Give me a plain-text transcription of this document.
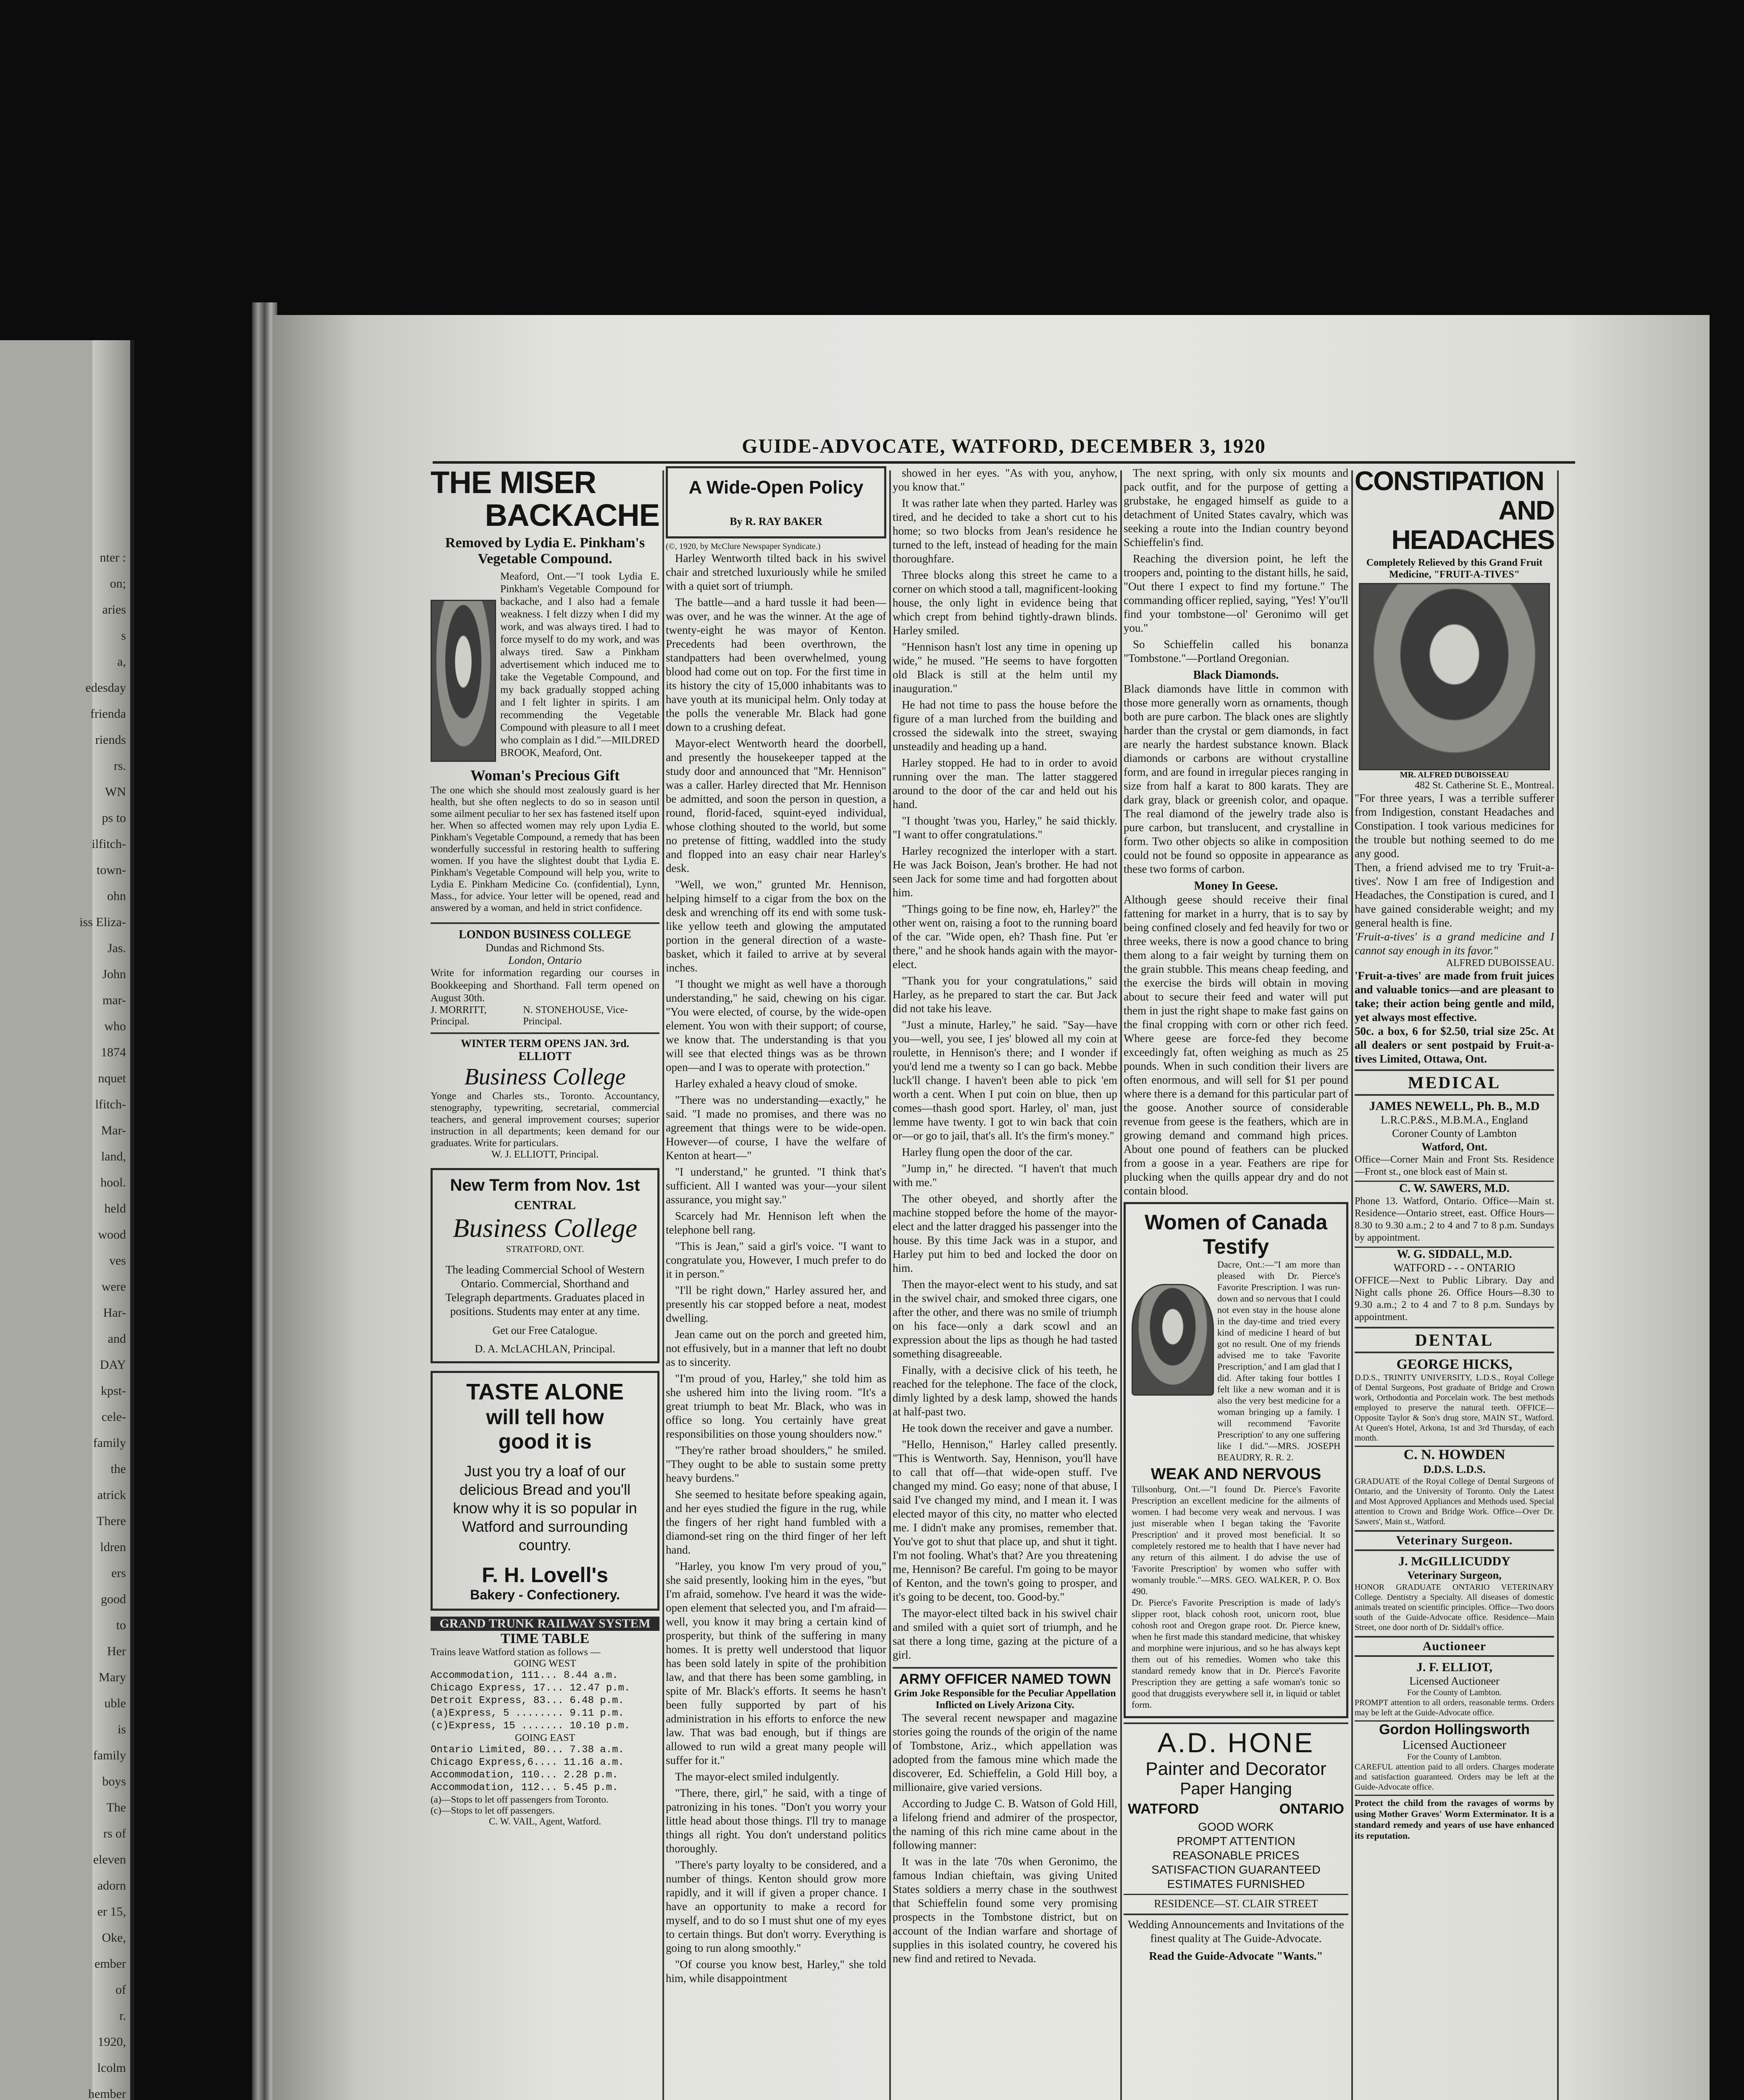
nter :
on;
aries
s
a,
edesday
frienda
riends
rs.
WN
ps to
ilfitch-
town-
ohn
iss Eliza-
Jas.
John
mar-
who
1874
nquet
lfitch-
Mar-
land,
hool.
held
wood
ves
were
Har-
and
DAY
kpst-
cele-
family
the
atrick
There
ldren
ers
good
to
Her
Mary
uble
is
family
boys
The
rs of
eleven
adorn
er 15,
Oke,
ember
of
r.
1920,
lcolm
hember
GUIDE-ADVOCATE, WATFORD, DECEMBER 3, 1920
THE MISER
BACKACHE
Removed by Lydia E. Pinkham's Vegetable Compound.
Meaford, Ont.—"I took Lydia E. Pinkham's Vegetable Compound for backache, and I also had a female weakness. I felt dizzy when I did my work, and was always tired. I had to force myself to do my work, and was always tired. Saw a Pinkham advertisement which induced me to take the Vegetable Compound, and my back gradually stopped aching and I felt lighter in spirits. I am recommending the Vegetable Compound with pleasure to all I meet who complain as I did."—MILDRED BROOK, Meaford, Ont.
Woman's Precious Gift
The one which she should most zealously guard is her health, but she often neglects to do so in season until some ailment peculiar to her sex has fastened itself upon her. When so affected women may rely upon Lydia E. Pinkham's Vegetable Compound, a remedy that has been wonderfully successful in restoring health to suffering women. If you have the slightest doubt that Lydia E. Pinkham's Vegetable Compound will help you, write to Lydia E. Pinkham Medicine Co. (confidential), Lynn, Mass., for advice. Your letter will be opened, read and answered by a woman, and held in strict confidence.
LONDON BUSINESS COLLEGE
Dundas and Richmond Sts.
London, Ontario
Write for information regarding our courses in Bookkeeping and Shorthand. Fall term opened on August 30th.
J. MORRITT, Principal.
N. STONEHOUSE, Vice-Principal.
WINTER TERM OPENS JAN. 3rd.
ELLIOTT
Business College
Yonge and Charles sts., Toronto. Accountancy, stenography, typewriting, secretarial, commercial teachers, and general improvement courses; superior instruction in all departments; keen demand for our graduates. Write for particulars.
W. J. ELLIOTT, Principal.
New Term from Nov. 1st
CENTRAL
Business College
STRATFORD, ONT.
The leading Commercial School of Western Ontario. Commercial, Shorthand and Telegraph departments. Graduates placed in positions. Students may enter at any time.
Get our Free Catalogue.
D. A. McLACHLAN, Principal.
TASTE ALONE
will tell how
good it is
Just you try a loaf of our delicious Bread and you'll know why it is so popular in Watford and surrounding country.
F. H. Lovell's
Bakery - Confectionery.
GRAND TRUNK RAILWAY SYSTEM
TIME TABLE
Trains leave Watford station as follows —
GOING WEST
Accommodation, 111... 8.44 a.m.
Chicago Express, 17... 12.47 p.m.
Detroit Express, 83... 6.48 p.m.
(a)Express, 5 ........ 9.11 p.m.
(c)Express, 15 ....... 10.10 p.m.
GOING EAST
Ontario Limited, 80... 7.38 a.m.
Chicago Express,6.... 11.16 a.m.
Accommodation, 110... 2.28 p.m.
Accommodation, 112... 5.45 p.m.
(a)—Stops to let off passengers from Toronto.
(c)—Stops to let off passengers.
C. W. VAIL, Agent, Watford.
A Wide-Open Policy
By R. RAY BAKER
(©, 1920, by McClure Newspaper Syndicate.)

Harley Wentworth tilted back in his swivel chair and stretched luxuriously while he smiled with a quiet sort of triumph.

The battle—and a hard tussle it had been—was over, and he was the winner. At the age of twenty-eight he was mayor of Kenton. Precedents had been overthrown, the standpatters had been overwhelmed, young blood had come out on top. For the first time in its history the city of 15,000 inhabitants was to have youth at its municipal helm. Only today at the polls the venerable Mr. Black had gone down to a crushing defeat.

Mayor-elect Wentworth heard the doorbell, and presently the housekeeper tapped at the study door and announced that "Mr. Hennison" was a caller. Harley directed that Mr. Hennison be admitted, and soon the person in question, a round, florid-faced, squint-eyed individual, whose clothing shouted to the world, but some no pretense of fitting, waddled into the study and flopped into an easy chair near Harley's desk.

"Well, we won," grunted Mr. Hennison, helping himself to a cigar from the box on the desk and wrenching off its end with some tusk-like yellow teeth and glowing the amputated portion in the general direction of a waste-basket, which it failed to arrive at by several inches.

"I thought we might as well have a thorough understanding," he said, chewing on his cigar. "You were elected, of course, by the wide-open element. You won with their support; of course, we know that. The understanding is that you will see that elected things was as be thrown open—and I was to operate with protection."

Harley exhaled a heavy cloud of smoke.

"There was no understanding—exactly," he said. "I made no promises, and there was no agreement that things were to be wide-open. However—of course, I have the welfare of Kenton at heart—"

"I understand," he grunted. "I think that's sufficient. All I wanted was your—your silent assurance, you might say."

Scarcely had Mr. Hennison left when the telephone bell rang.

"This is Jean," said a girl's voice. "I want to congratulate you, However, I much prefer to do it in person."

"I'll be right down," Harley assured her, and presently his car stopped before a neat, modest dwelling.

Jean came out on the porch and greeted him, not effusively, but in a manner that left no doubt as to sincerity.

"I'm proud of you, Harley," she told him as she ushered him into the living room. "It's a great triumph to beat Mr. Black, who was in office so long. You certainly have great responsibilities on those young shoulders now."

"They're rather broad shoulders," he smiled. "They ought to be able to sustain some pretty heavy burdens."

She seemed to hesitate before speaking again, and her eyes studied the figure in the rug, while the fingers of her right hand fumbled with a diamond-set ring on the third finger of her left hand.

"Harley, you know I'm very proud of you," she said presently, looking him in the eyes, "but I'm afraid, somehow. I've heard it was the wide-open element that selected you, and I'm afraid—well, you know it may bring a certain kind of prosperity, but think of the suffering in many homes. It is pretty well understood that liquor has been sold lately in spite of the prohibition law, and that there has been some gambling, in spite of Mr. Black's efforts. It seems he hasn't been fully supported by part of his administration in his efforts to enforce the new law. That was bad enough, but if things are allowed to run wild a great many people will suffer for it."

The mayor-elect smiled indulgently.

"There, there, girl," he said, with a tinge of patronizing in his tones. "Don't you worry your little head about those things. I'll try to manage things all right. You don't understand politics thoroughly.

"There's party loyalty to be considered, and a number of things. Kenton should grow more rapidly, and it will if given a proper chance. I have an opportunity to make a record for myself, and to do so I must shut one of my eyes to certain things. But don't worry. Everything is going to run along smoothly."

"Of course you know best, Harley," she told him, while disappointment

showed in her eyes. "As with you, anyhow, you know that."

It was rather late when they parted. Harley was tired, and he decided to take a short cut to his home; so two blocks from Jean's residence he turned to the left, instead of heading for the main thoroughfare.

Three blocks along this street he came to a corner on which stood a tall, magnificent-looking house, the only light in evidence being that which crept from behind tightly-drawn blinds. Harley smiled.

"Hennison hasn't lost any time in opening up wide," he mused. "He seems to have forgotten old Black is still at the helm until my inauguration."

He had not time to pass the house before the figure of a man lurched from the building and crossed the sidewalk into the street, swaying unsteadily and heading up a hand.

Harley stopped. He had to in order to avoid running over the man. The latter staggered around to the door of the car and held out his hand.

"I thought 'twas you, Harley," he said thickly. "I want to offer congratulations."

Harley recognized the interloper with a start. He was Jack Boison, Jean's brother. He had not seen Jack for some time and had forgotten about him.

"Things going to be fine now, eh, Harley?" the other went on, raising a foot to the running board of the car. "Wide open, eh? Thash fine. Put 'er there," and he shook hands again with the mayor-elect.

"Thank you for your congratulations," said Harley, as he prepared to start the car. But Jack did not take his leave.

"Just a minute, Harley," he said. "Say—have you—well, you see, I jes' blowed all my coin at roulette, in Hennison's there; and I wonder if you'd lend me a twenty so I can go back. Mebbe luck'll change. I haven't been able to pick 'em worth a cent. When I put coin on blue, then up comes—thash good sport. Harley, ol' man, just lemme have twenty. I got to win back that coin or—or go to jail, that's all. It's the firm's money."

Harley flung open the door of the car.

"Jump in," he directed. "I haven't that much with me."

The other obeyed, and shortly after the machine stopped before the home of the mayor-elect and the latter dragged his passenger into the house. By this time Jack was in a stupor, and Harley put him to bed and locked the door on him.

Then the mayor-elect went to his study, and sat in the swivel chair, and smoked three cigars, one after the other, and there was no smile of triumph on his face—only a dark scowl and an expression about the lips as though he had tasted something disagreeable.

Finally, with a decisive click of his teeth, he reached for the telephone. The face of the clock, dimly lighted by a desk lamp, showed the hands at half-past two.

He took down the receiver and gave a number.

"Hello, Hennison," Harley called presently. "This is Wentworth. Say, Hennison, you'll have to call that off—that wide-open stuff. I've changed my mind. Go easy; none of that abuse, I said I've changed my mind, and I mean it. I was elected mayor of this city, no matter who elected me. I didn't make any promises, remember that. You've got to shut that place up, and shut it tight. I'm not fooling. What's that? Are you threatening me, Hennison? Be careful. I'm going to be mayor of Kenton, and the town's going to prosper, and it's going to be decent, too. Good-by."

The mayor-elect tilted back in his swivel chair and smiled with a quiet sort of triumph, and he sat there a long time, gazing at the picture of a girl.

ARMY OFFICER NAMED TOWN
Grim Joke Responsible for the Peculiar Appellation Inflicted on Lively Arizona City.

The several recent newspaper and magazine stories going the rounds of the origin of the name of Tombstone, Ariz., which appellation was adopted from the famous mine which made the discoverer, Ed. Schieffelin, a Gold Hill boy, a millionaire, give varied versions.

According to Judge C. B. Watson of Gold Hill, a lifelong friend and admirer of the prospector, the naming of this rich mine came about in the following manner:

It was in the late '70s when Geronimo, the famous Indian chieftain, was giving United States soldiers a merry chase in the southwest that Schieffelin found some very promising prospects in the Tombstone district, but on account of the Indian warfare and shortage of supplies in this isolated country, he covered his new find and retired to Nevada.

The next spring, with only six mounts and pack outfit, and for the purpose of getting a grubstake, he engaged himself as guide to a detachment of United States cavalry, which was seeking a route into the Indian country beyond Schieffelin's find.

Reaching the diversion point, he left the troopers and, pointing to the distant hills, he said, "Out there I expect to find my fortune." The commanding officer replied, saying, "Yes! Y'ou'll find your tombstone—ol' Geronimo will get you."

So Schieffelin called his bonanza "Tombstone."—Portland Oregonian.

Black Diamonds.
Black diamonds have little in common with those more generally worn as ornaments, though both are pure carbon. The black ones are slightly harder than the crystal or gem diamonds, in fact are nearly the hardest substance known. Black diamonds or carbons are without crystalline form, and are found in irregular pieces ranging in size from half a karat to 800 karats. They are dark gray, black or greenish color, and opaque. The real diamond of the jewelry trade also is pure carbon, but translucent, and crystalline in form. Two other objects so alike in composition could not be found so opposite in appearance as these two forms of carbon.
Money In Geese.
Although geese should receive their final fattening for market in a hurry, that is to say by being confined closely and fed heavily for two or three weeks, there is now a good chance to bring them along to a fair weight by turning them on the grain stubble. This means cheap feeding, and the exercise the birds will obtain in moving about to secure their feed and water will put them in just the right shape to make fast gains on the final cropping with corn or other rich feed. Where geese are force-fed they become exceedingly fat, often weighing as much as 25 pounds. When in such condition their livers are often enormous, and will sell for $1 per pound where there is a demand for this particular part of the goose. Another source of considerable revenue from geese is the feathers, which are in growing demand and command high prices. About one pound of feathers can be plucked from a goose in a year. Feathers are ripe for plucking when the quills appear dry and do not contain blood.
Women of Canada
Testify
Dacre, Ont.:—"I am more than pleased with Dr. Pierce's Favorite Prescription. I was run-down and so nervous that I could not even stay in the house alone in the day-time and tried every kind of medicine I heard of but got no result. One of my friends advised me to take 'Favorite Prescription,' and I am glad that I did. After taking four bottles I felt like a new woman and it is also the very best medicine for a woman bringing up a family. I will recommend 'Favorite Prescription' to any one suffering like I did."—MRS. JOSEPH BEAUDRY, R. R. 2.
WEAK AND NERVOUS
Tillsonburg, Ont.—"I found Dr. Pierce's Favorite Prescription an excellent medicine for the ailments of women. I had become very weak and nervous. I was just miserable when I began taking the 'Favorite Prescription' and it proved most beneficial. It so completely restored me to health that I have never had any return of this ailment. I do advise the use of 'Favorite Prescription' by women who suffer with womanly trouble."—MRS. GEO. WALKER, P. O. Box 490.
Dr. Pierce's Favorite Prescription is made of lady's slipper root, black cohosh root, unicorn root, blue cohosh root and Oregon grape root. Dr. Pierce knew, when he first made this standard medicine, that whiskey and morphine were injurious, and so he has always kept them out of his remedies. Women who take this standard remedy know that in Dr. Pierce's Favorite Prescription they are getting a safe woman's tonic so good that druggists everywhere sell it, in liquid or tablet form.
A.D. HONE
Painter and Decorator
Paper Hanging
WATFORD	ONTARIO
GOOD WORK
PROMPT ATTENTION
REASONABLE PRICES
SATISFACTION GUARANTEED
ESTIMATES FURNISHED
RESIDENCE—ST. CLAIR STREET
Wedding Announcements and Invitations of the finest quality at The Guide-Advocate.
Read the Guide-Advocate "Wants."
CONSTIPATION
AND HEADACHES
Completely Relieved by this Grand Fruit Medicine, "FRUIT-A-TIVES"
MR. ALFRED DUBOISSEAU
482 St. Catherine St. E., Montreal.
"For three years, I was a terrible sufferer from Indigestion, constant Headaches and Constipation. I took various medicines for the trouble but nothing seemed to do me any good.
Then, a friend advised me to try 'Fruit-a-tives'. Now I am free of Indigestion and Headaches, the Constipation is cured, and I have gained considerable weight; and my general health is fine.
'Fruit-a-tives' is a grand medicine and I cannot say enough in its favor."
ALFRED DUBOISSEAU.
'Fruit-a-tives' are made from fruit juices and valuable tonics—and are pleasant to take; their action being gentle and mild, yet always most effective.
50c. a box, 6 for $2.50, trial size 25c. At all dealers or sent postpaid by Fruit-a-tives Limited, Ottawa, Ont.
MEDICAL
JAMES NEWELL, Ph. B., M.D
L.R.C.P.&S., M.B.M.A., England
Coroner County of Lambton
Watford, Ont.
Office—Corner Main and Front Sts. Residence—Front st., one block east of Main st.
C. W. SAWERS, M.D.
Phone 13. Watford, Ontario. Office—Main st. Residence—Ontario street, east. Office Hours—8.30 to 9.30 a.m.; 2 to 4 and 7 to 8 p.m. Sundays by appointment.
W. G. SIDDALL, M.D.
WATFORD - - - ONTARIO
OFFICE—Next to Public Library. Day and Night calls phone 26. Office Hours—8.30 to 9.30 a.m.; 2 to 4 and 7 to 8 p.m. Sundays by appointment.
DENTAL
GEORGE HICKS,
D.D.S., TRINITY UNIVERSITY, L.D.S., Royal College of Dental Surgeons, Post graduate of Bridge and Crown work, Orthodontia and Porcelain work. The best methods employed to preserve the natural teeth. OFFICE—Opposite Taylor & Son's drug store, MAIN ST., Watford. At Queen's Hotel, Arkona, 1st and 3rd Thursday, of each month.
C. N. HOWDEN
D.D.S. L.D.S.
GRADUATE of the Royal College of Dental Surgeons of Ontario, and the University of Toronto. Only the Latest and Most Approved Appliances and Methods used. Special attention to Crown and Bridge Work. Office—Over Dr. Sawers', Main st., Watford.
Veterinary Surgeon.
J. McGILLICUDDY
Veterinary Surgeon,
HONOR GRADUATE ONTARIO VETERINARY College. Dentistry a Specialty. All diseases of domestic animals treated on scientific principles. Office—Two doors south of the Guide-Advocate office. Residence—Main Street, one door north of Dr. Siddall's office.
Auctioneer
J. F. ELLIOT,
Licensed Auctioneer
For the County of Lambton.
PROMPT attention to all orders, reasonable terms. Orders may be left at the Guide-Advocate office.
Gordon Hollingsworth
Licensed Auctioneer
For the County of Lambton.
CAREFUL attention paid to all orders. Charges moderate and satisfaction guaranteed. Orders may be left at the Guide-Advocate office.
Protect the child from the ravages of worms by using Mother Graves' Worm Exterminator. It is a standard remedy and years of use have enhanced its reputation.
